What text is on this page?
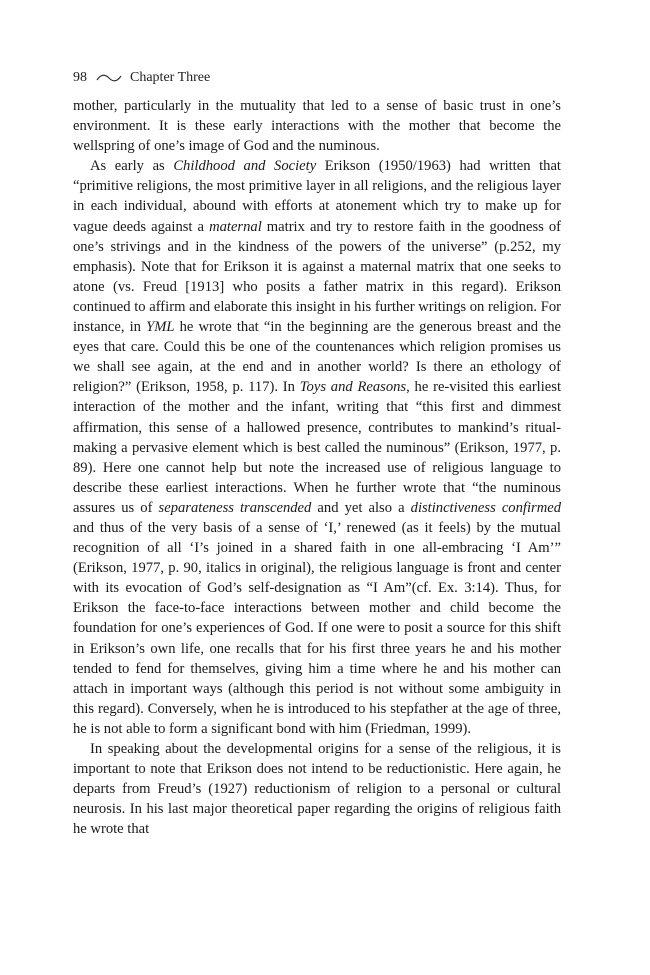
98	Chapter Three

mother, particularly in the mutuality that led to a sense of basic trust in one’s environment. It is these early interactions with the mother that become the wellspring of one’s image of God and the numinous.

As early as Childhood and Society Erikson (1950/1963) had written that “primitive religions, the most primitive layer in all religions, and the religious layer in each individual, abound with efforts at atonement which try to make up for vague deeds against a maternal matrix and try to restore faith in the goodness of one’s strivings and in the kindness of the powers of the universe” (p.252, my emphasis). Note that for Erikson it is against a maternal matrix that one seeks to atone (vs. Freud [1913] who posits a father matrix in this regard). Erikson continued to affirm and elaborate this insight in his further writings on religion. For instance, in YML he wrote that “in the beginning are the generous breast and the eyes that care. Could this be one of the countenances which religion promises us we shall see again, at the end and in another world? Is there an ethology of religion?” (Erikson, 1958, p. 117). In Toys and Reasons, he re-visited this earliest interaction of the mother and the infant, writing that “this first and dimmest affirmation, this sense of a hallowed presence, contributes to mankind’s ritual-making a pervasive element which is best called the numinous” (Erikson, 1977, p. 89). Here one cannot help but note the increased use of religious language to describe these earliest interactions. When he further wrote that “the numinous assures us of separateness transcended and yet also a distinctiveness confirmed and thus of the very basis of a sense of ‘I,’ renewed (as it feels) by the mutual recognition of all ‘I’s joined in a shared faith in one all-embracing ‘I Am’” (Erikson, 1977, p. 90, italics in original), the religious language is front and center with its evocation of God’s self-designation as “I Am”(cf. Ex. 3:14). Thus, for Erikson the face-to-face interactions between mother and child become the foundation for one’s experiences of God. If one were to posit a source for this shift in Erikson’s own life, one recalls that for his first three years he and his mother tended to fend for themselves, giving him a time where he and his mother can attach in important ways (although this period is not without some ambiguity in this regard). Conversely, when he is introduced to his stepfather at the age of three, he is not able to form a significant bond with him (Friedman, 1999).

In speaking about the developmental origins for a sense of the religious, it is important to note that Erikson does not intend to be reductionistic. Here again, he departs from Freud’s (1927) reductionism of religion to a personal or cultural neurosis. In his last major theoretical paper regarding the origins of religious faith he wrote that
